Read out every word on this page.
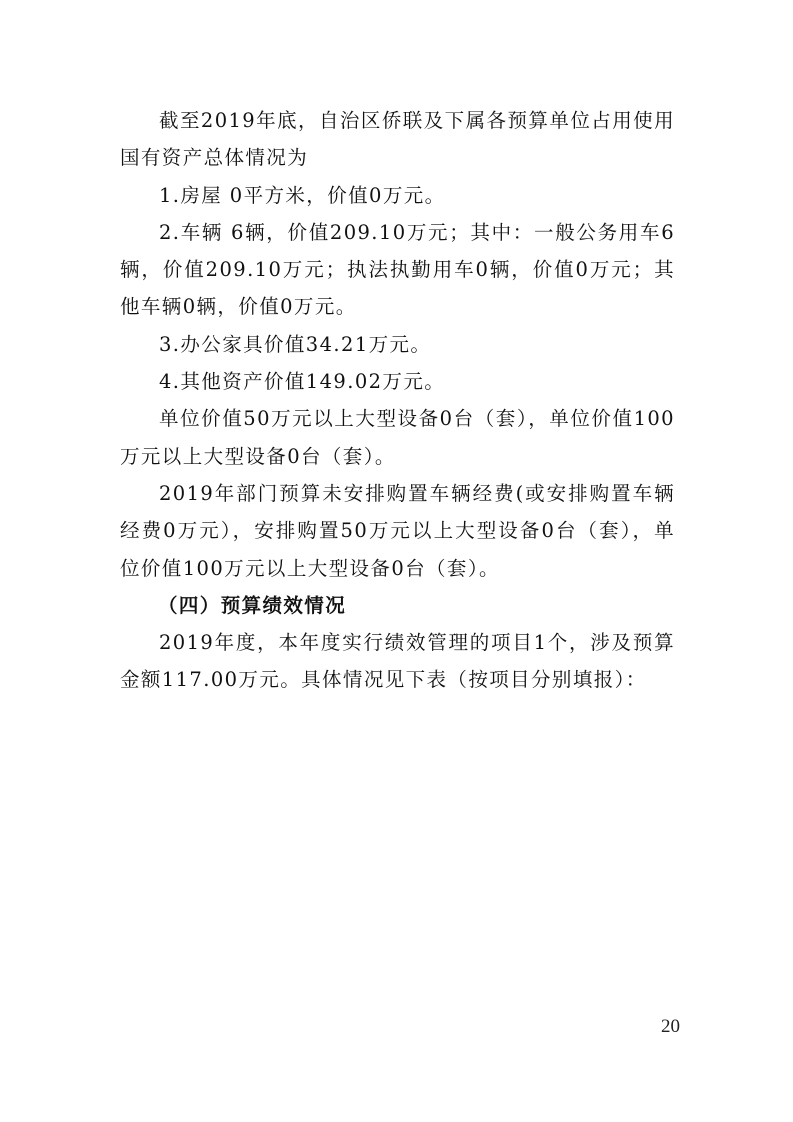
截至2019年底，自治区侨联及下属各预算单位占用使用国有资产总体情况为

1.房屋 0平方米，价值0万元。

2.车辆 6辆，价值209.10万元；其中：一般公务用车6辆，价值209.10万元；执法执勤用车0辆，价值0万元；其他车辆0辆，价值0万元。

3.办公家具价值34.21万元。

4.其他资产价值149.02万元。

单位价值50万元以上大型设备0台（套），单位价值100万元以上大型设备0台（套）。

2019年部门预算未安排购置车辆经费(或安排购置车辆经费0万元），安排购置50万元以上大型设备0台（套），单位价值100万元以上大型设备0台（套）。

（四）预算绩效情况

2019年度，本年度实行绩效管理的项目1个，涉及预算金额117.00万元。具体情况见下表（按项目分别填报）：

20
